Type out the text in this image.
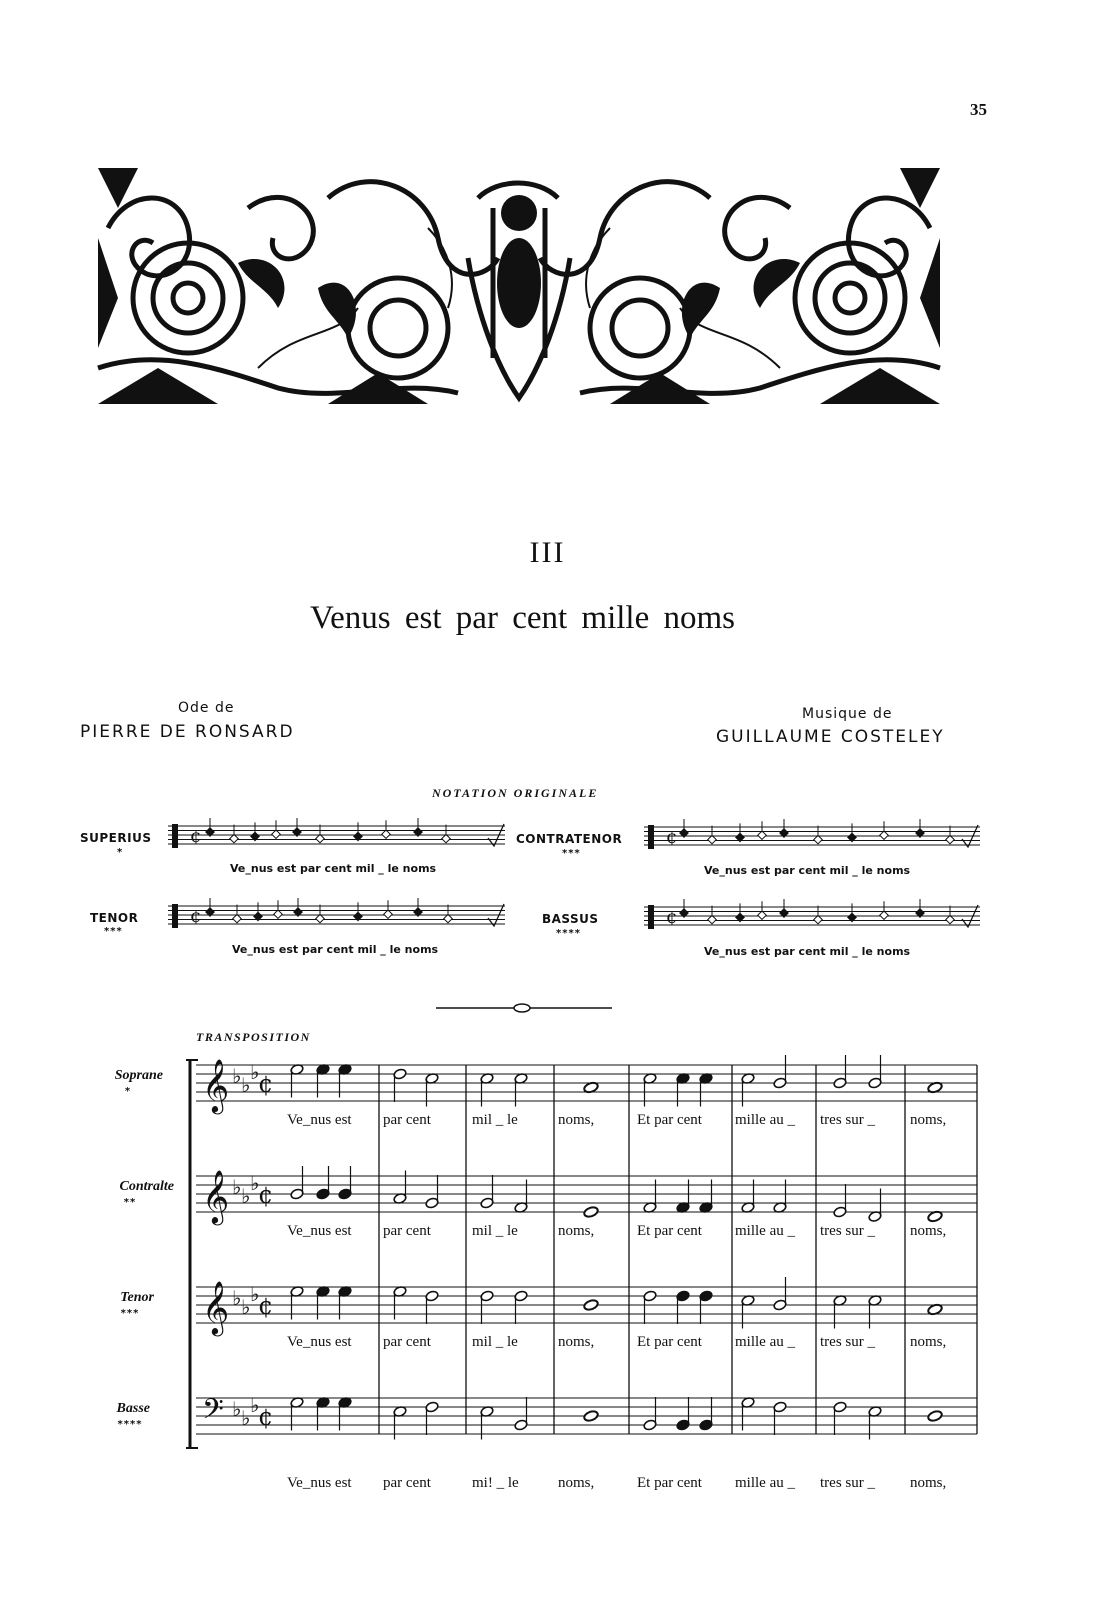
35
III
Venus est par cent mille noms
Ode de
PIERRE DE RONSARD
Musique de
GUILLAUME COSTELEY
NOTATION ORIGINALE
SUPERIUS
*
CONTRATENOR
***
TENOR
***
BASSUS
****
¢	¢
¢	¢
Ve_nus est par cent mil _ le noms	Ve_nus est par cent mil _ le noms
Ve_nus est par cent mil _ le noms	Ve_nus est par cent mil _ le noms
TRANSPOSITION
Soprane
*
Contralte
**
Tenor
***
Basse
****
𝄞 ♭ ♭
♭
¢
𝄞 ♭ ♭
♭
¢
𝄞 ♭ ♭
♭
¢
𝄢 ♭ ♭
♭
¢
Ve_nus est par cent	mil _ le	noms,	Et par cent mille au _ tres sur _ noms,
Ve_nus est par cent	mil _ le	noms,	Et par cent mille au _ tres sur _ noms,
Ve_nus est par cent	mil _ le	noms,	Et par cent mille au _ tres sur _ noms,
Ve_nus est par cent	mi! _ le	noms,	Et par cent mille au _ tres sur _ noms,
